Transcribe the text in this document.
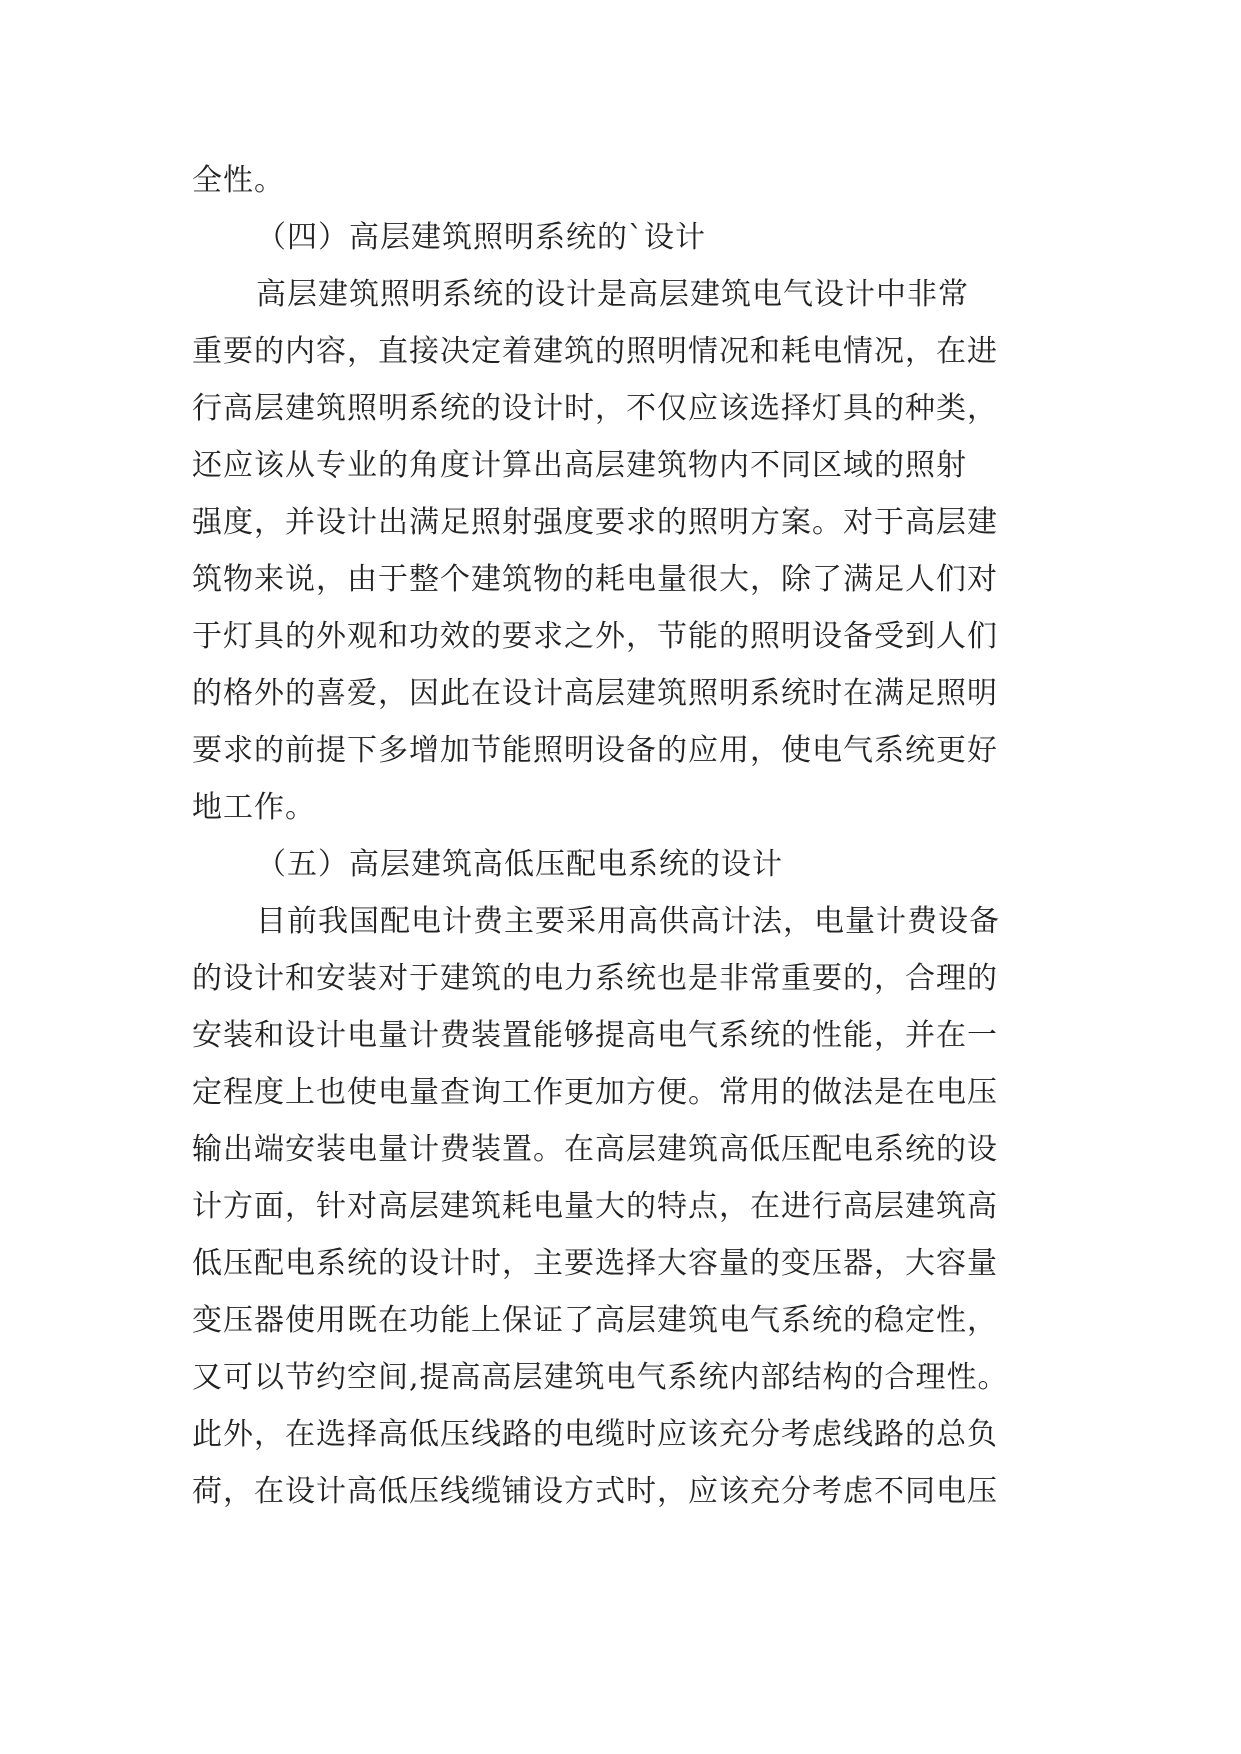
全性。
（四）高层建筑照明系统的`设计
高层建筑照明系统的设计是高层建筑电气设计中非常
重要的内容，直接决定着建筑的照明情况和耗电情况，在进
行高层建筑照明系统的设计时，不仅应该选择灯具的种类，
还应该从专业的角度计算出高层建筑物内不同区域的照射
强度，并设计出满足照射强度要求的照明方案。对于高层建
筑物来说，由于整个建筑物的耗电量很大，除了满足人们对
于灯具的外观和功效的要求之外，节能的照明设备受到人们
的格外的喜爱，因此在设计高层建筑照明系统时在满足照明
要求的前提下多增加节能照明设备的应用，使电气系统更好
地工作。
（五）高层建筑高低压配电系统的设计
目前我国配电计费主要采用高供高计法，电量计费设备
的设计和安装对于建筑的电力系统也是非常重要的，合理的
安装和设计电量计费装置能够提高电气系统的性能，并在一
定程度上也使电量查询工作更加方便。常用的做法是在电压
输出端安装电量计费装置。在高层建筑高低压配电系统的设
计方面，针对高层建筑耗电量大的特点，在进行高层建筑高
低压配电系统的设计时，主要选择大容量的变压器，大容量
变压器使用既在功能上保证了高层建筑电气系统的稳定性，
又可以节约空间,提高高层建筑电气系统内部结构的合理性。
此外，在选择高低压线路的电缆时应该充分考虑线路的总负
荷，在设计高低压线缆铺设方式时，应该充分考虑不同电压
